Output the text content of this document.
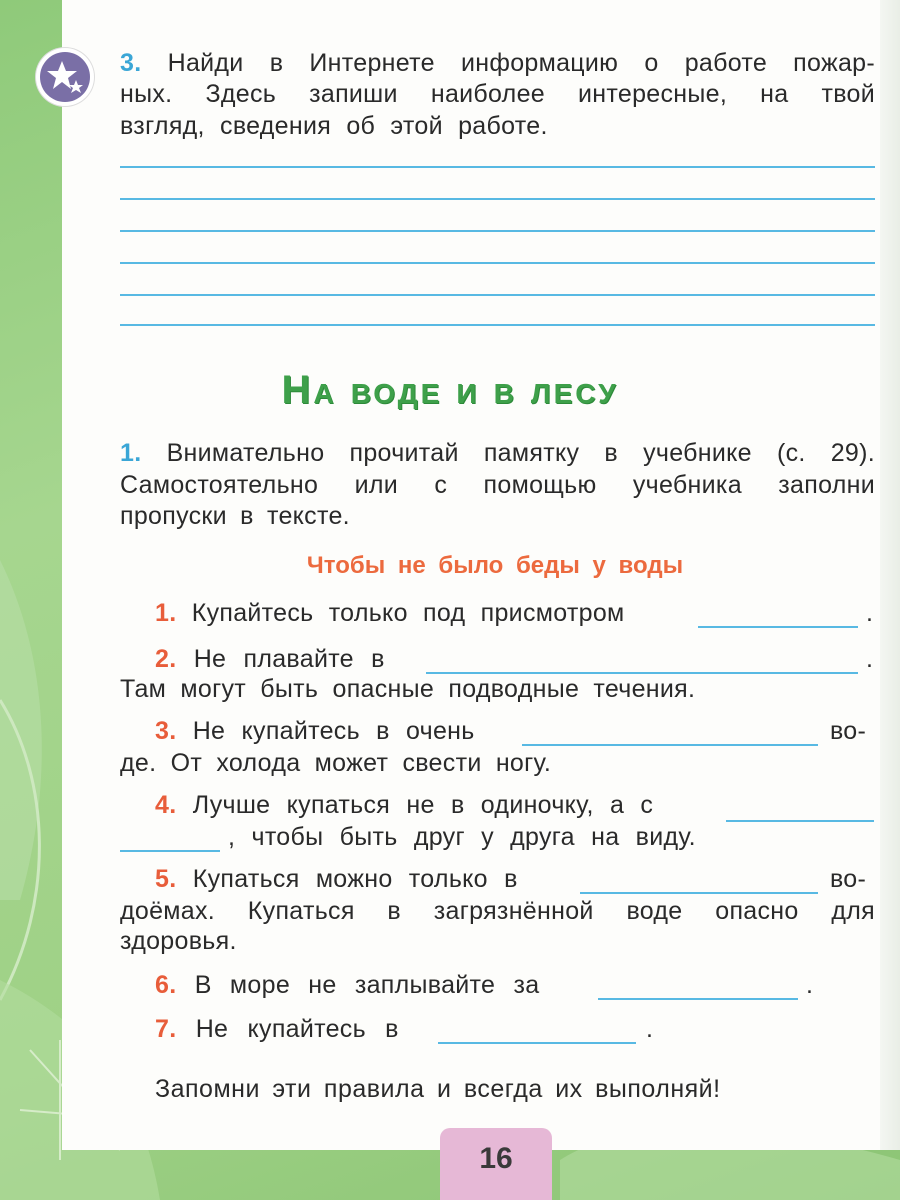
3. Найди в Интернете информацию о работе пожар-
ных. Здесь запиши наиболее интересные, на твой
взгляд, сведения об этой работе.
На воде и в лесу
1. Внимательно прочитай памятку в учебнике (с. 29).
Самостоятельно или с помощью учебника заполни
пропуски в тексте.
Чтобы не было беды у воды
1. Купайтесь только под присмотром	.
2. Не плавайте в	.
Там могут быть опасные подводные течения.
3. Не купайтесь в очень	во-
де. От холода может свести ногу.
4. Лучше купаться не в одиночку, а с
, чтобы быть друг у друга на виду.
5. Купаться можно только в	во-
доёмах. Купаться в загрязнённой воде опасно для
здоровья.
6. В море не заплывайте за	.
7. Не купайтесь в	.
Запомни эти правила и всегда их выполняй!
16
